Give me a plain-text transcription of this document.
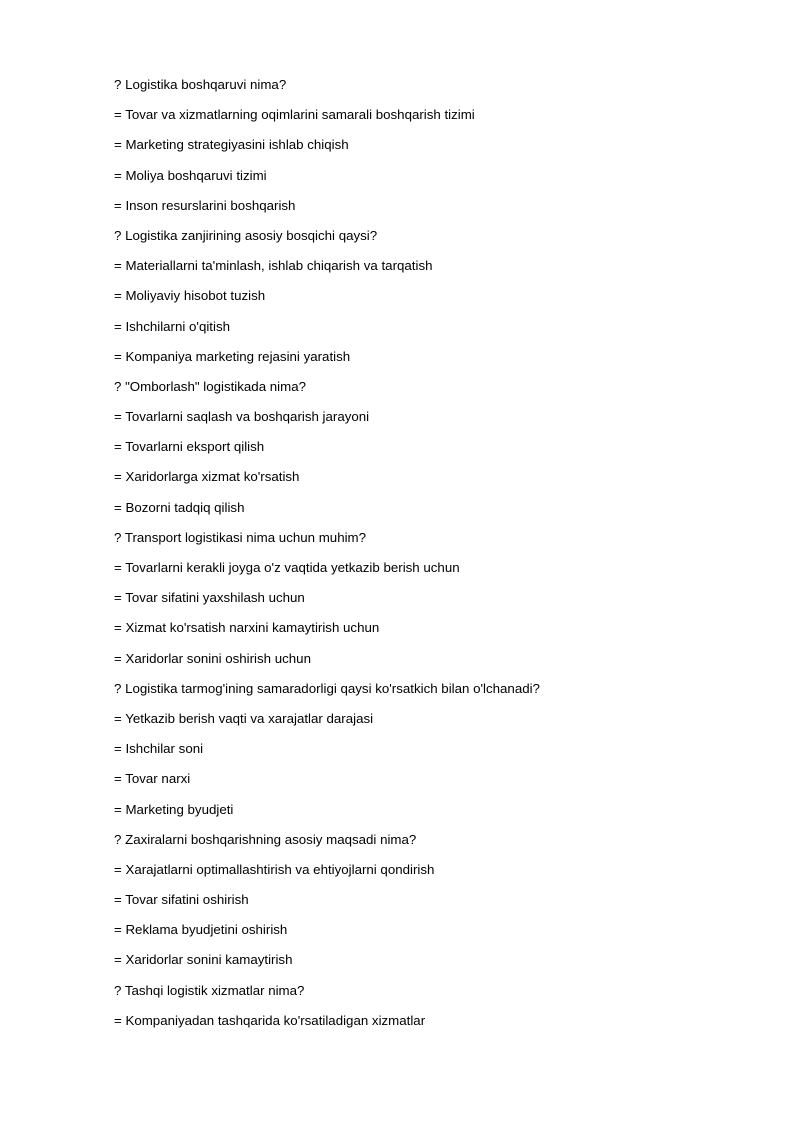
? Logistika boshqaruvi nima?
= Tovar va xizmatlarning oqimlarini samarali boshqarish tizimi
= Marketing strategiyasini ishlab chiqish
= Moliya boshqaruvi tizimi
= Inson resurslarini boshqarish
? Logistika zanjirining asosiy bosqichi qaysi?
= Materiallarni ta'minlash, ishlab chiqarish va tarqatish
= Moliyaviy hisobot tuzish
= Ishchilarni o'qitish
= Kompaniya marketing rejasini yaratish
? "Omborlash" logistikada nima?
= Tovarlarni saqlash va boshqarish jarayoni
= Tovarlarni eksport qilish
= Xaridorlarga xizmat ko'rsatish
= Bozorni tadqiq qilish
? Transport logistikasi nima uchun muhim?
= Tovarlarni kerakli joyga o'z vaqtida yetkazib berish uchun
= Tovar sifatini yaxshilash uchun
= Xizmat ko'rsatish narxini kamaytirish uchun
= Xaridorlar sonini oshirish uchun
? Logistika tarmog'ining samaradorligi qaysi ko'rsatkich bilan o'lchanadi?
= Yetkazib berish vaqti va xarajatlar darajasi
= Ishchilar soni
= Tovar narxi
= Marketing byudjeti
? Zaxiralarni boshqarishning asosiy maqsadi nima?
= Xarajatlarni optimallashtirish va ehtiyojlarni qondirish
= Tovar sifatini oshirish
= Reklama byudjetini oshirish
= Xaridorlar sonini kamaytirish
? Tashqi logistik xizmatlar nima?
= Kompaniyadan tashqarida ko'rsatiladigan xizmatlar
